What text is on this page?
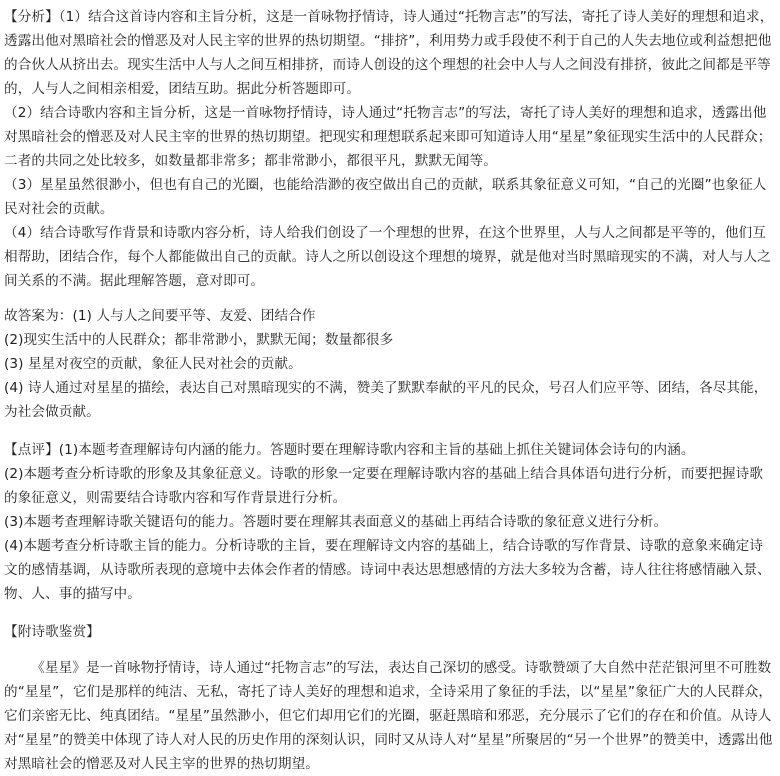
​
【分析】（1）结合这首诗内容和主旨分析，这是一首咏物抒情诗，诗人通过“托物言志”的写法，寄托了诗人美好的理想和追求，透露出他对黑暗社会的憎恶及对人民主宰的世界的热切期望。“排挤”，利用势力或手段使不利于自己的人失去地位或利益想把他的合伙人从挤出去。现实生活中人与人之间互相排挤，而诗人创设的这个理想的社会中人与人之间没有排挤，彼此之间都是平等的，人与人之间相亲相爱，团结互助。据此分析答题即可。
（2）结合诗歌内容和主旨分析，这是一首咏物抒情诗，诗人通过“托物言志”的写法，寄托了诗人美好的理想和追求，透露出他对黑暗社会的憎恶及对人民主宰的世界的热切期望。把现实和理想联系起来即可知道诗人用“星星”象征现实生活中的人民群众；二者的共同之处比较多，如数量都非常多；都非常渺小，都很平凡，默默无闻等。
（3）星星虽然很渺小，但也有自己的光圈，也能给浩渺的夜空做出自己的贡献，联系其象征意义可知，“自己的光圈”也象征人民对社会的贡献。
（4）结合诗歌写作背景和诗歌内容分析，诗人给我们创设了一个理想的世界，在这个世界里，人与人之间都是平等的，他们互相帮助，团结合作，每个人都能做出自己的贡献。诗人之所以创设这个理想的境界，就是他对当时黑暗现实的不满，对人与人之间关系的不满。据此理解答题，意对即可。
故答案为：(1) 人与人之间要平等、友爱、团结合作
(2)现实生活中的人民群众；都非常渺小，默默无闻；数量都很多
(3) 星星对夜空的贡献，象征人民对社会的贡献。
(4) 诗人通过对星星的描绘，表达自己对黑暗现实的不满，赞美了默默奉献的平凡的民众，号召人们应平等、团结，各尽其能，为社会做贡献。
【点评】(1)本题考查理解诗句内涵的能力。答题时要在理解诗歌内容和主旨的基础上抓住关键词体会诗句的内涵。
(2)本题考查分析诗歌的形象及其象征意义。诗歌的形象一定要在理解诗歌内容的基础上结合具体语句进行分析，而要把握诗歌的象征意义，则需要结合诗歌内容和写作背景进行分析。
(3)本题考查理解诗歌关键语句的能力。答题时要在理解其表面意义的基础上再结合诗歌的象征意义进行分析。
(4)本题考查分析诗歌主旨的能力。分析诗歌的主旨，要在理解诗文内容的基础上，结合诗歌的写作背景、诗歌的意象来确定诗文的感情基调，从诗歌所表现的意境中去体会作者的情感。诗词中表达思想感情的方法大多较为含蓄，诗人往往将感情融入景、物、人、事的描写中。
【附诗歌鉴赏】
《星星》是一首咏物抒情诗，诗人通过“托物言志”的写法，表达自己深切的感受。诗歌赞颂了大自然中茫茫银河里不可胜数的“星星”，它们是那样的纯洁、无私，寄托了诗人美好的理想和追求，全诗采用了象征的手法，以“星星”象征广大的人民群众，它们亲密无比、纯真团结。“星星”虽然渺小，但它们却用它们的光圈，驱赶黑暗和邪恶，充分展示了它们的存在和价值。从诗人对“星星”的赞美中体现了诗人对人民的历史作用的深刻认识，同时又从诗人对“星星”所聚居的“另一个世界”的赞美中，透露出他对黑暗社会的憎恶及对人民主宰的世界的热切期望。
